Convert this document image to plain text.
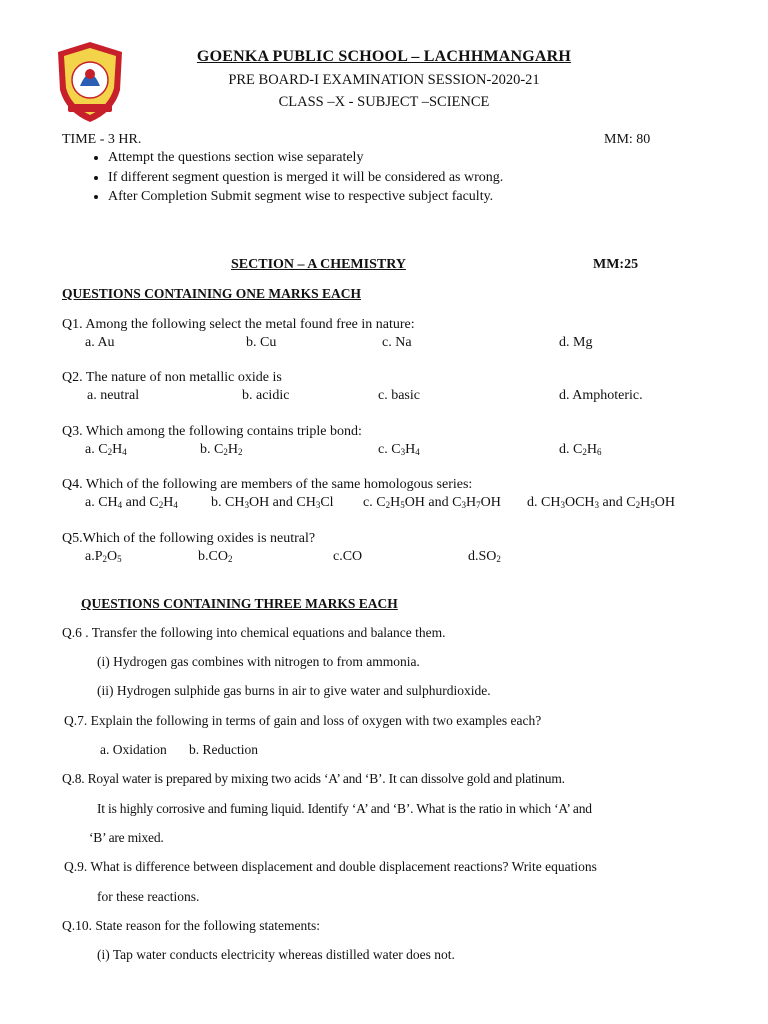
GOENKA PUBLIC SCHOOL – LACHHMANGARH
PRE BOARD-I EXAMINATION SESSION-2020-21
CLASS –X - SUBJECT –SCIENCE
TIME - 3 HR.	MM: 80
• Attempt the questions section wise separately
• If different segment question is merged it will be considered as wrong.
• After Completion Submit segment wise to respective subject faculty.
SECTION – A CHEMISTRY	MM:25
QUESTIONS CONTAINING ONE MARKS EACH
Q1. Among the following select the metal found free in nature:
a. Au	b. Cu	c. Na	d. Mg
Q2. The nature of non metallic oxide is
a. neutral	b. acidic	c. basic	d. Amphoteric.
Q3. Which among the following contains triple bond:
a. $C_2H_4$	b. $C_2H_2$	c. $C_3H_4$	d. $C_2H_6$
Q4. Which of the following are members of the same homologous series:
a. $CH_4$ and $C_2H_4$ b. $CH_3OH$ and $CH_3Cl$ c. $C_2H_5OH$ and $C_3H_7OH$ d. $CH_3OCH_3$ and $C_2H_5OH$
Q5.Which of the following oxides is neutral?
$a.P_2O_5$	$b.CO_2$	c.CO	$d.SO_2$
QUESTIONS CONTAINING THREE MARKS EACH
Q.6 . Transfer the following into chemical equations and balance them.
(i) Hydrogen gas combines with nitrogen to from ammonia.
(ii) Hydrogen sulphide gas burns in air to give water and sulphurdioxide.
Q.7. Explain the following in terms of gain and loss of oxygen with two examples each?
a. Oxidation b. Reduction
Q.8. Royal water is prepared by mixing two acids ‘A’ and ‘B’. It can dissolve gold and platinum.
It is highly corrosive and fuming liquid. Identify ‘A’ and ‘B’. What is the ratio in which ‘A’ and
‘B’ are mixed.
Q.9. What is difference between displacement and double displacement reactions? Write equations
for these reactions.
Q.10. State reason for the following statements:
(i) Tap water conducts electricity whereas distilled water does not.
